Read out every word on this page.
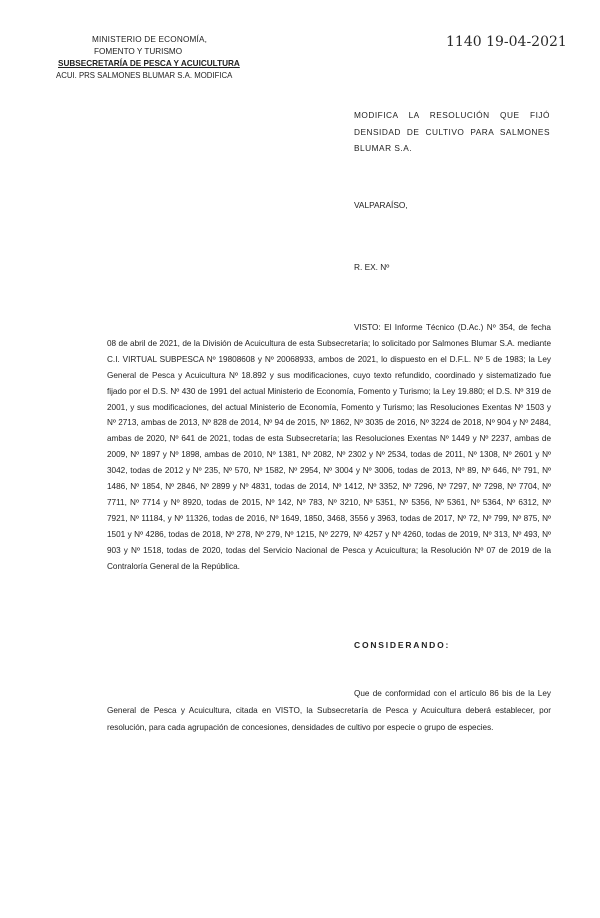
MINISTERIO DE ECONOMÍA,
FOMENTO Y TURISMO
SUBSECRETARÍA DE PESCA Y ACUICULTURA
ACUI. PRS SALMONES BLUMAR S.A. MODIFICA
1140 19-04-2021
MODIFICA LA RESOLUCIÓN QUE FIJÓ DENSIDAD DE CULTIVO PARA SALMONES BLUMAR S.A.
VALPARAÍSO,
R. EX. Nº
VISTO: El Informe Técnico (D.Ac.) Nº 354, de fecha 08 de abril de 2021, de la División de Acuicultura de esta Subsecretaría; lo solicitado por Salmones Blumar S.A. mediante C.I. VIRTUAL SUBPESCA Nº 19808608 y Nº 20068933, ambos de 2021, lo dispuesto en el D.F.L. Nº 5 de 1983; la Ley General de Pesca y Acuicultura Nº 18.892 y sus modificaciones, cuyo texto refundido, coordinado y sistematizado fue fijado por el D.S. Nº 430 de 1991 del actual Ministerio de Economía, Fomento y Turismo; la Ley 19.880; el D.S. Nº 319 de 2001, y sus modificaciones, del actual Ministerio de Economía, Fomento y Turismo; las Resoluciones Exentas Nº 1503 y Nº 2713, ambas de 2013, Nº 828 de 2014, Nº 94 de 2015, Nº 1862, Nº 3035 de 2016, Nº 3224 de 2018, Nº 904 y Nº 2484, ambas de 2020, Nº 641 de 2021, todas de esta Subsecretaría; las Resoluciones Exentas Nº 1449 y Nº 2237, ambas de 2009, Nº 1897 y Nº 1898, ambas de 2010, Nº 1381, Nº 2082, Nº 2302 y Nº 2534, todas de 2011, Nº 1308, Nº 2601 y Nº 3042, todas de 2012 y Nº 235, Nº 570, Nº 1582, Nº 2954, Nº 3004 y Nº 3006, todas de 2013, Nº 89, Nº 646, Nº 791, Nº 1486, Nº 1854, Nº 2846, Nº 2899 y Nº 4831, todas de 2014, Nº 1412, Nº 3352, Nº 7296, Nº 7297, Nº 7298, Nº 7704, Nº 7711, Nº 7714 y Nº 8920, todas de 2015, Nº 142, Nº 783, Nº 3210, Nº 5351, Nº 5356, Nº 5361, Nº 5364, Nº 6312, Nº 7921, Nº 11184, y Nº 11326, todas de 2016, Nº 1649, 1850, 3468, 3556 y 3963, todas de 2017, Nº 72, Nº 799, Nº 875, Nº 1501 y Nº 4286, todas de 2018, Nº 278, Nº 279, Nº 1215, Nº 2279, Nº 4257 y Nº 4260, todas de 2019, Nº 313, Nº 493, Nº 903 y Nº 1518, todas de 2020, todas del Servicio Nacional de Pesca y Acuicultura; la Resolución Nº 07 de 2019 de la Contraloría General de la República.
CONSIDERANDO:
Que de conformidad con el artículo 86 bis de la Ley General de Pesca y Acuicultura, citada en VISTO, la Subsecretaría de Pesca y Acuicultura deberá establecer, por resolución, para cada agrupación de concesiones, densidades de cultivo por especie o grupo de especies.
